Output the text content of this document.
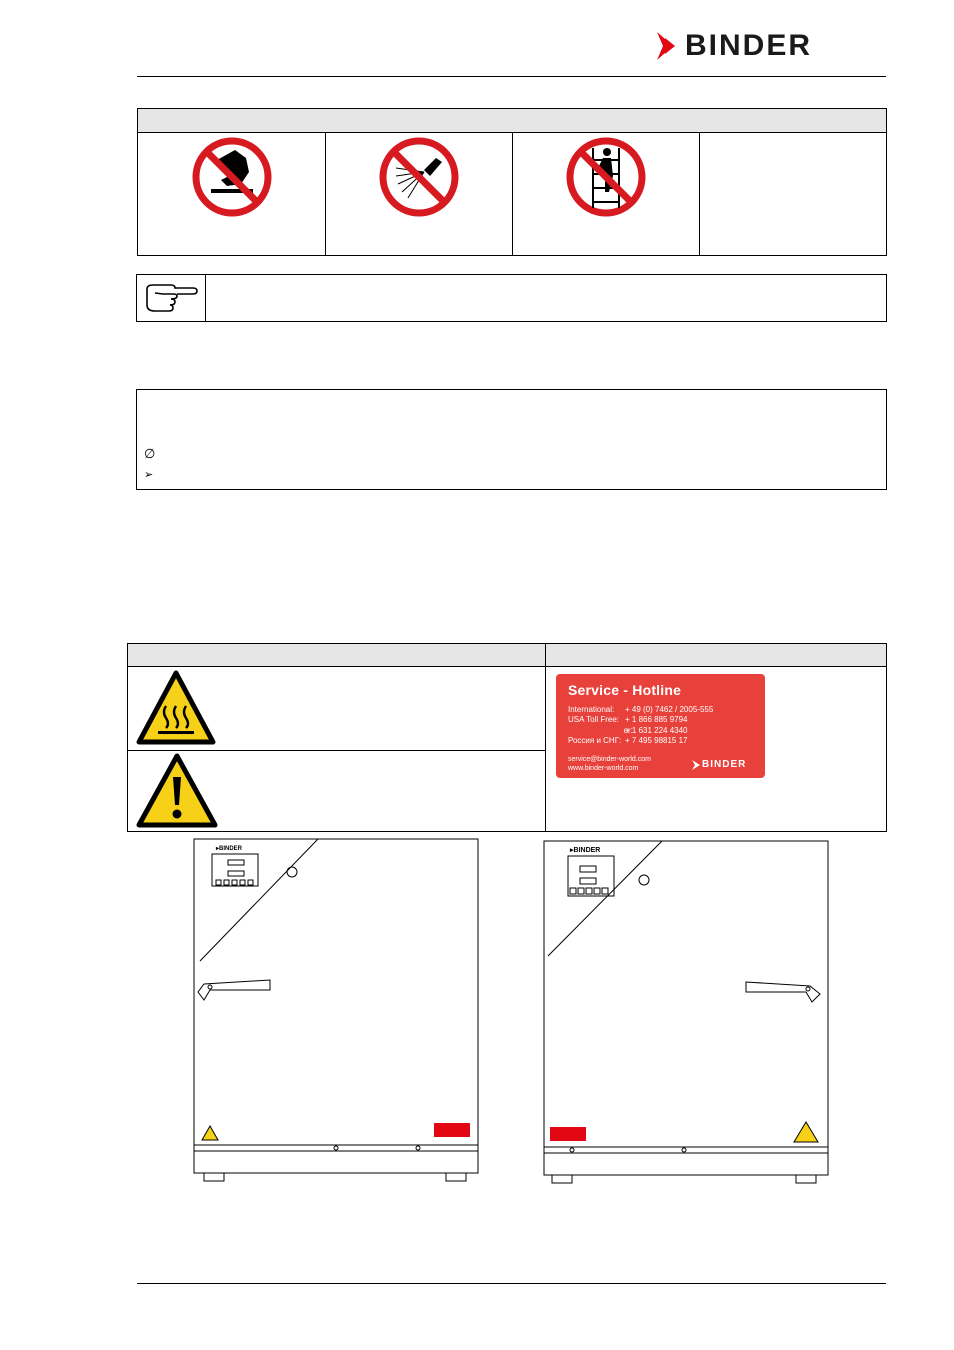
BINDER
∅
➢
Service - Hotline
International: + 49 (0) 7462 / 2005-555
USA Toll Free: + 1 866 885 9794
or:
+ 1 631 224 4340
Россия и СНГ: + 7 495 98815 17
service@binder-world.com
www.binder-world.com	BINDER
▸BINDER	▸BINDER
